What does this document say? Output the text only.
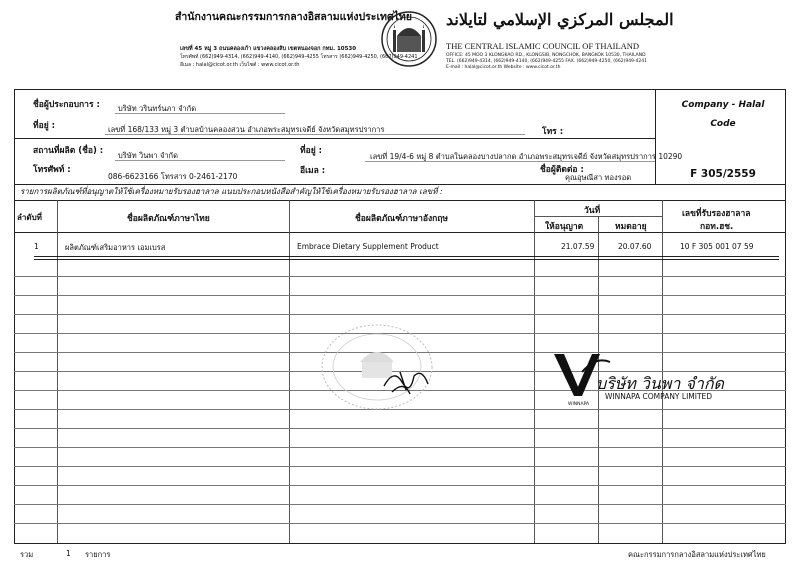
สำนักงานคณะกรรมการกลางอิสลามแห่งประเทศไทย
เลขที่ 45 หมู่ 3 ถนนคลองเก้า แขวงคลองสิบ เขตหนองจอก กทม. 10530
โทรศัพท์ (662)949-4314, (662)949-4140, (662)949-4255 โทรสาร (662)949-4250, (662)949-4241
อีเมล : halal@cicot.or.th เว็บไซต์ : www.cicot.or.th
المجلس المركزي الإسلامي لتايلاند
THE CENTRAL ISLAMIC COUNCIL OF THAILAND
OFFICE: 45 MOO 3 KLONGKAO RD., KLONGSIB, NONGCHOK, BANGKOK 10530, THAILAND
TEL. (662)949-4314, (662)949-4140, (662)949-4255 FAX. (662)949-4250, (662)949-4241
E-mail : halal@cicot.or.th Website : www.cicot.or.th
ชื่อผู้ประกอบการ : บริษัท วรินทร์นภา จำกัด
ที่อยู่ :	เลขที่ 168/133 หมู่ 3 ตำบลบ้านคลองสวน อำเภอพระสมุทรเจดีย์ จังหวัดสมุทรปราการ	โทร :
สถานที่ผลิต (ชื่อ) : บริษัท วินพา จำกัด	ที่อยู่ :
เลขที่ 19/4-6 หมู่ 8 ตำบลในคลองบางปลากด อำเภอพระสมุทรเจดีย์ จังหวัดสมุทรปราการ 10290
โทรศัพท์ :
086-6623166 โทรสาร 0-2461-2170
อีเมล :	ชื่อผู้ติดต่อ :
คุณอุษณีสา ทองรอด
Company - Halal
Code
F 305/2559
รายการผลิตภัณฑ์ที่อนุญาตให้ใช้เครื่องหมายรับรองฮาลาล แนบประกอบหนังสือสำคัญให้ใช้เครื่องหมายรับรองฮาลาล เลขที่ :
ลำดับที่	ชื่อผลิตภัณฑ์ภาษาไทย	ชื่อผลิตภัณฑ์ภาษาอังกฤษ
วันที่
ให้อนุญาต	หมดอายุ
เลขที่รับรองฮาลาล
กอท.ฮช.
1	ผลิตภัณฑ์เสริมอาหาร เอมเบรส	Embrace Dietary Supplement Product	21.07.59	20.07.60	10 F 305 001 07 59
บริษัท วินพา จำกัด
WINNAPA
WINNAPA COMPANY LIMITED
รวม	1 รายการ	คณะกรรมการกลางอิสลามแห่งประเทศไทย
